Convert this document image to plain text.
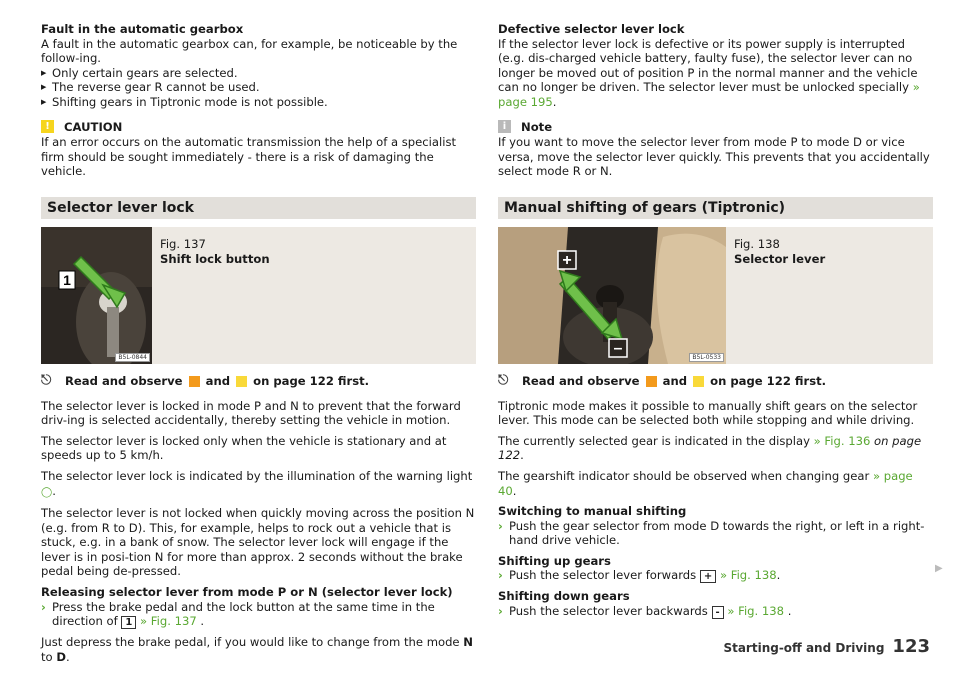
Fault in the automatic gearbox

A fault in the automatic gearbox can, for example, be noticeable by the follow-ing.

▶ Only certain gears are selected.

▶ The reverse gear R cannot be used.

▶ Shifting gears in Tiptronic mode is not possible.

!	CAUTION

If an error occurs on the automatic transmission the help of a specialist firm should be sought immediately - there is a risk of damaging the vehicle.

Selector lever lock
1
B5L-0844
Fig. 137
Shift lock button
⎋	Read and observe

and

on page 122 first.

The selector lever is locked in mode P and N to prevent that the forward driv-ing is selected accidentally, thereby setting the vehicle in motion.

The selector lever is locked only when the vehicle is stationary and at speeds up to 5 km/h.

The selector lever lock is indicated by the illumination of the warning light ◯.

The selector lever is not locked when quickly moving across the position N (e.g. from R to D). This, for example, helps to rock out a vehicle that is stuck, e.g. in a bank of snow. The selector lever lock will engage if the lever is in posi-tion N for more than approx. 2 seconds without the brake pedal being de-pressed.

Releasing selector lever from mode P or N (selector lever lock)

› Press the brake pedal and the lock button at the same time in the direction of 1 » Fig. 137 .

Just depress the brake pedal, if you would like to change from the mode N to D.

Defective selector lever lock

If the selector lever lock is defective or its power supply is interrupted (e.g. dis-charged vehicle battery, faulty fuse), the selector lever can no longer be moved out of position P in the normal manner and the vehicle can no longer be driven. The selector lever must be unlocked specially » page 195.

i	Note

If you want to move the selector lever from mode P to mode D or vice versa, move the selector lever quickly. This prevents that you accidentally select mode R or N.

Manual shifting of gears (Tiptronic)
+
–
B5L-0533
Fig. 138
Selector lever
⎋	Read and observe

and

on page 122 first.

Tiptronic mode makes it possible to manually shift gears on the selector lever. This mode can be selected both while stopping and while driving.

The currently selected gear is indicated in the display » Fig. 136 on page 122.

The gearshift indicator should be observed when changing gear » page 40.

Switching to manual shifting

› Push the gear selector from mode D towards the right, or left in a right-hand drive vehicle.

Shifting up gears

› Push the selector lever forwards + » Fig. 138.

Shifting down gears

› Push the selector lever backwards - » Fig. 138 .

▶
Starting-off and Driving 123
